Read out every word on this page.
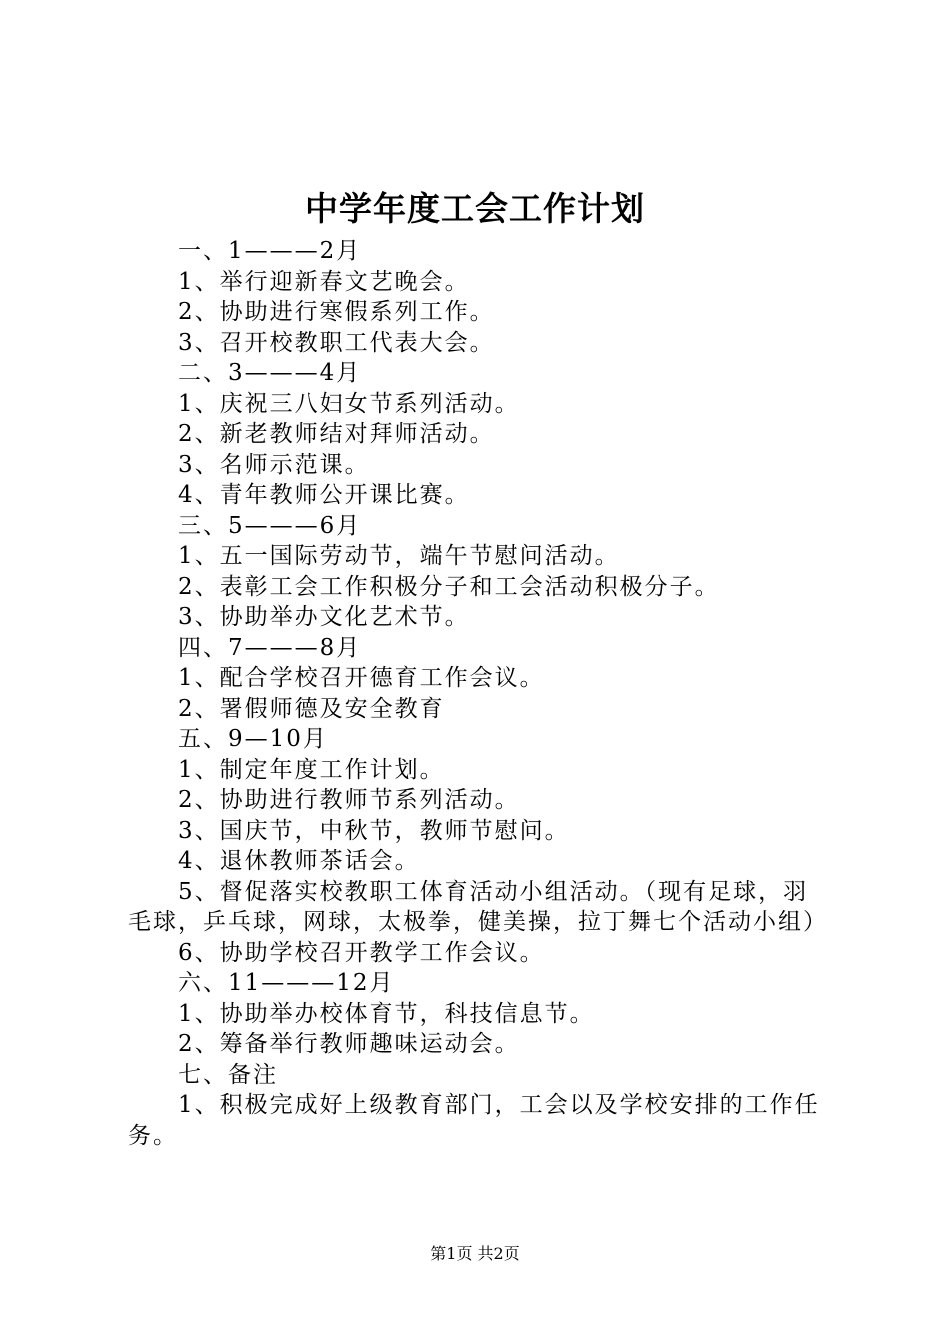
中学年度工会工作计划
一、1———2月
1、举行迎新春文艺晚会。
2、协助进行寒假系列工作。
3、召开校教职工代表大会。
二、3———4月
1、庆祝三八妇女节系列活动。
2、新老教师结对拜师活动。
3、名师示范课。
4、青年教师公开课比赛。
三、5———6月
1、五一国际劳动节，端午节慰问活动。
2、表彰工会工作积极分子和工会活动积极分子。
3、协助举办文化艺术节。
四、7———8月
1、配合学校召开德育工作会议。
2、署假师德及安全教育
五、9—10月
1、制定年度工作计划。
2、协助进行教师节系列活动。
3、国庆节，中秋节，教师节慰问。
4、退休教师茶话会。
5、督促落实校教职工体育活动小组活动。（现有足球，羽毛球，乒乓球，网球，太极拳，健美操，拉丁舞七个活动小组）
6、协助学校召开教学工作会议。
六、11———12月
1、协助举办校体育节，科技信息节。
2、筹备举行教师趣味运动会。
七、备注
1、积极完成好上级教育部门，工会以及学校安排的工作任务。
第1页 共2页
